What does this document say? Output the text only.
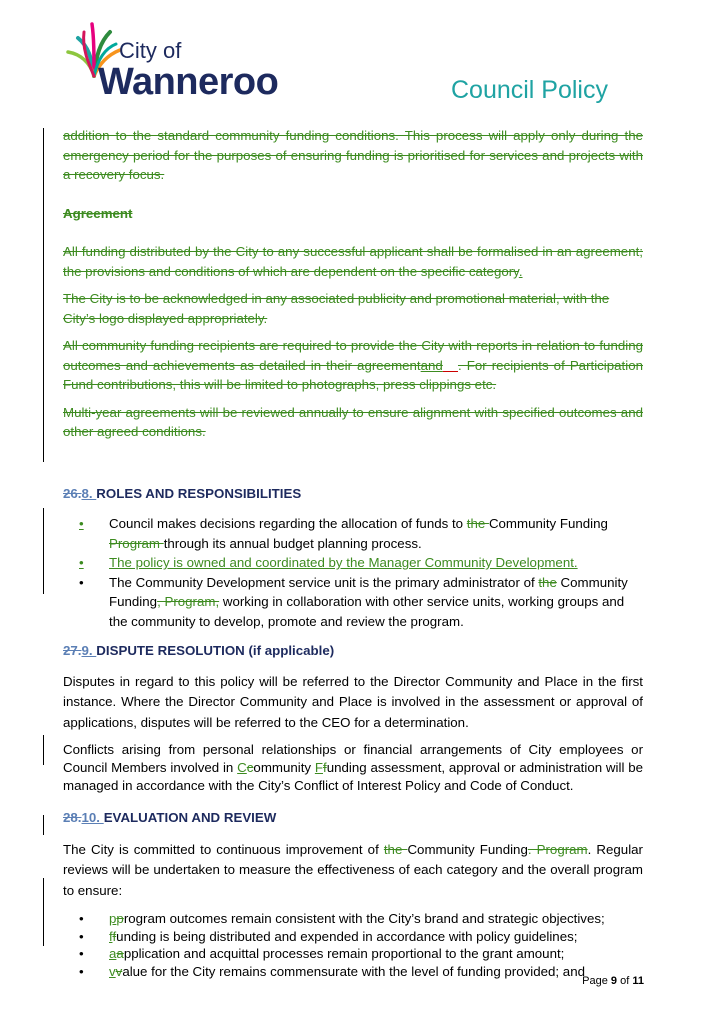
City of
Wanneroo	Council Policy

addition to the standard community funding conditions. This process will apply only during the emergency period for the purposes of ensuring funding is prioritised for services and projects with a recovery focus.

Agreement

All funding distributed by the City to any successful applicant shall be formalised in an agreement; the provisions and conditions of which are dependent on the specific category.

The City is to be acknowledged in any associated publicity and promotional material, with the City’s logo displayed appropriately.

All community funding recipients are required to provide the City with reports in relation to funding outcomes and achievements as detailed in their agreementand . For recipients of Participation Fund contributions, this will be limited to photographs, press clippings etc.

Multi-year agreements will be reviewed annually to ensure alignment with specified outcomes and other agreed conditions.

26.8. ROLES AND RESPONSIBILITIES

• Council makes decisions regarding the allocation of funds to the Community Funding Program through its annual budget planning process.
• The policy is owned and coordinated by the Manager Community Development.
• The Community Development service unit is the primary administrator of the Community Funding, Program, working in collaboration with other service units, working groups and the community to develop, promote and review the program.

27.9. DISPUTE RESOLUTION (if applicable)

Disputes in regard to this policy will be referred to the Director Community and Place in the first instance. Where the Director Community and Place is involved in the assessment or approval of applications, disputes will be referred to the CEO for a determination.

Conflicts arising from personal relationships or financial arrangements of City employees or Council Members involved in Ccommunity Ffunding assessment, approval or administration will be managed in accordance with the City’s Conflict of Interest Policy and Code of Conduct.

28.10. EVALUATION AND REVIEW

The City is committed to continuous improvement of the Community Funding. Program. Regular reviews will be undertaken to measure the effectiveness of each category and the overall program to ensure:

• pprogram outcomes remain consistent with the City’s brand and strategic objectives;
• ffunding is being distributed and expended in accordance with policy guidelines;
• aapplication and acquittal processes remain proportional to the grant amount;
• vvalue for the City remains commensurate with the level of funding provided; and
Page 9 of 11
